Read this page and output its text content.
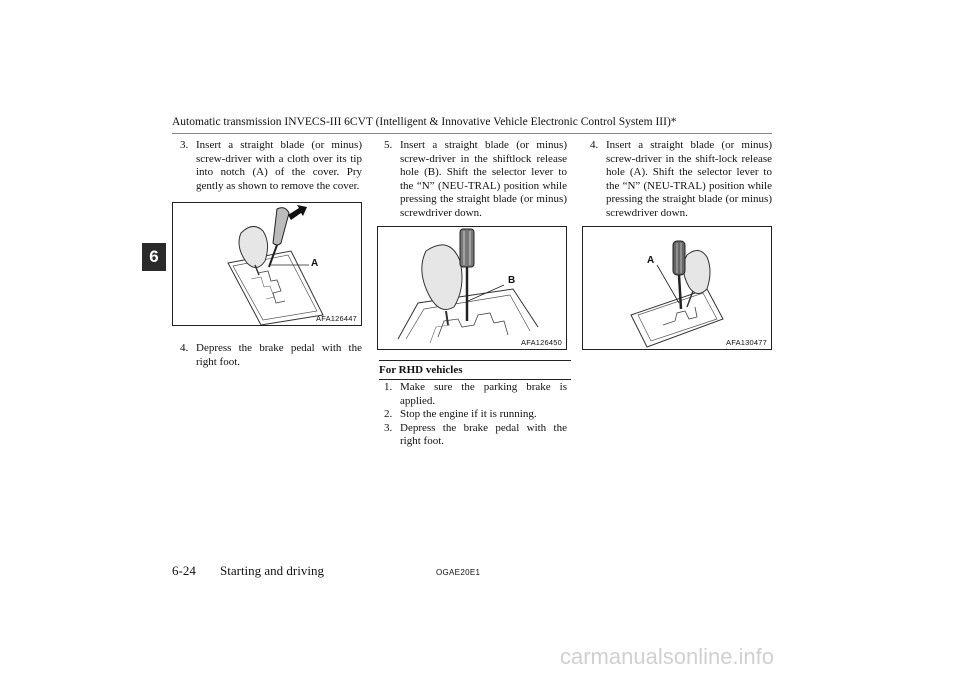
Automatic transmission INVECS-III 6CVT (Intelligent & Innovative Vehicle Electronic Control System III)*
6
3. Insert a straight blade (or minus) screw-driver with a cloth over its tip into notch (A) of the cover. Pry gently as shown to remove the cover.
A
AFA126447
4. Depress the brake pedal with the right foot.
5. Insert a straight blade (or minus) screw-driver in the shiftlock release hole (B). Shift the selector lever to the “N” (NEU-TRAL) position while pressing the straight blade (or minus) screwdriver down.
B
AFA126450
For RHD vehicles
1. Make sure the parking brake is applied.
2. Stop the engine if it is running.
3. Depress the brake pedal with the right foot.
4. Insert a straight blade (or minus) screw-driver in the shift-lock release hole (A). Shift the selector lever to the “N” (NEU-TRAL) position while pressing the straight blade (or minus) screwdriver down.
A
AFA130477
6-24 Starting and driving	OGAE20E1
carmanualsonline.info
